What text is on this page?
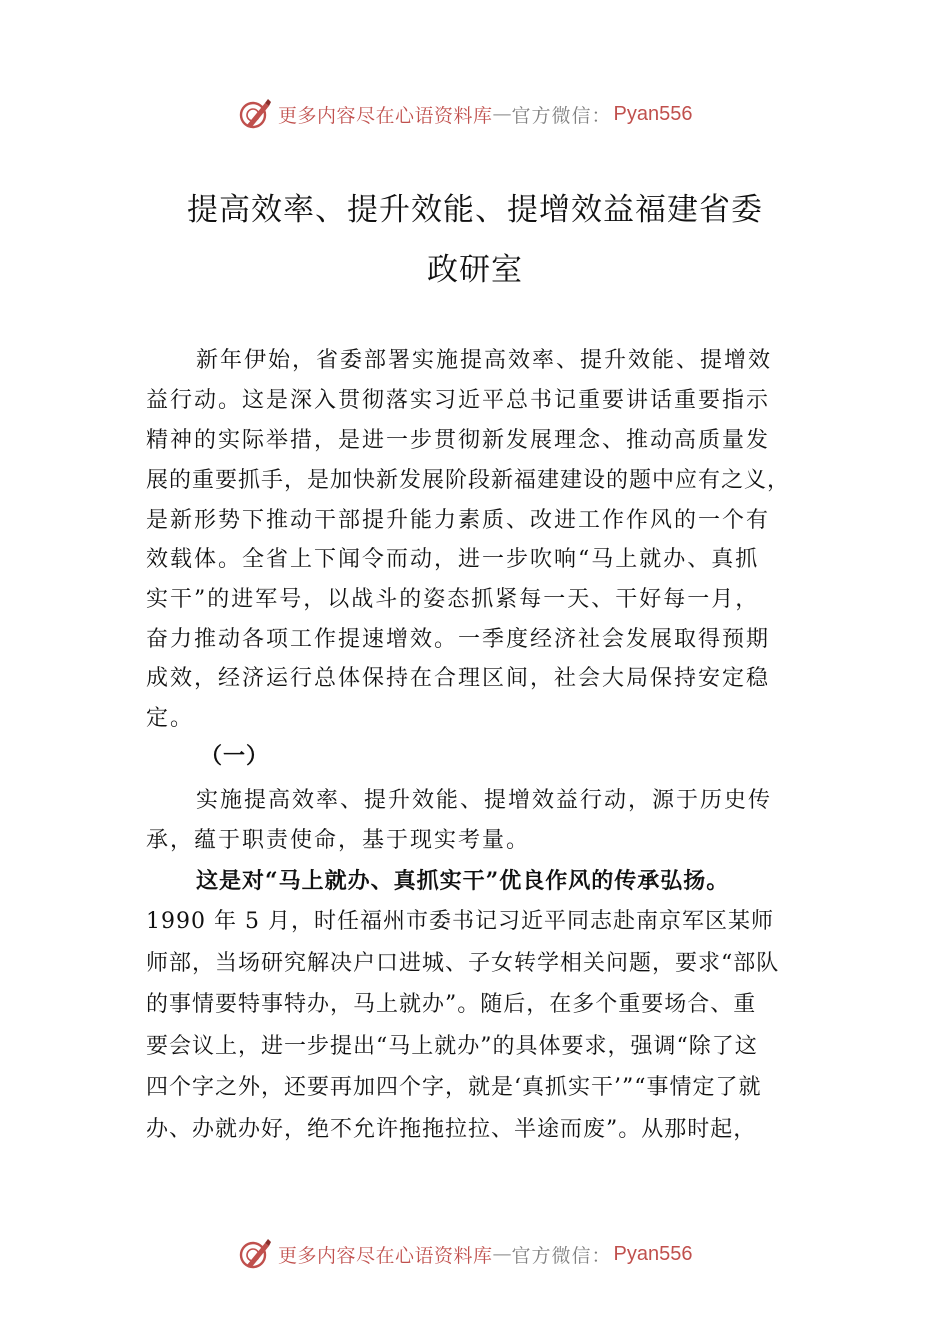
更多内容尽在心语资料库 — 官方微信： Pyan556
提高效率、提升效能、提增效益福建省委
政研室
新年伊始，省委部署实施提高效率、提升效能、提增效
益行动。这是深入贯彻落实习近平总书记重要讲话重要指示
精神的实际举措，是进一步贯彻新发展理念、推动高质量发
展的重要抓手，是加快新发展阶段新福建建设的题中应有之义，
是新形势下推动干部提升能力素质、改进工作作风的一个有
效载体。全省上下闻令而动，进一步吹响“马上就办、真抓
实干”的进军号，以战斗的姿态抓紧每一天、干好每一月，
奋力推动各项工作提速增效。一季度经济社会发展取得预期
成效，经济运行总体保持在合理区间，社会大局保持安定稳
定。
（一）
实施提高效率、提升效能、提增效益行动，源于历史传
承，蕴于职责使命，基于现实考量。
这是对“马上就办、真抓实干”优良作风的传承弘扬。
1990 年 5 月，时任福州市委书记习近平同志赴南京军区某师
师部，当场研究解决户口进城、子女转学相关问题，要求“部队
的事情要特事特办，马上就办”。随后，在多个重要场合、重
要会议上，进一步提出“马上就办”的具体要求，强调“除了这
四个字之外，还要再加四个字，就是‘真抓实干’”“事情定了就
办、办就办好，绝不允许拖拖拉拉、半途而废”。从那时起，
更多内容尽在心语资料库 — 官方微信： Pyan556
